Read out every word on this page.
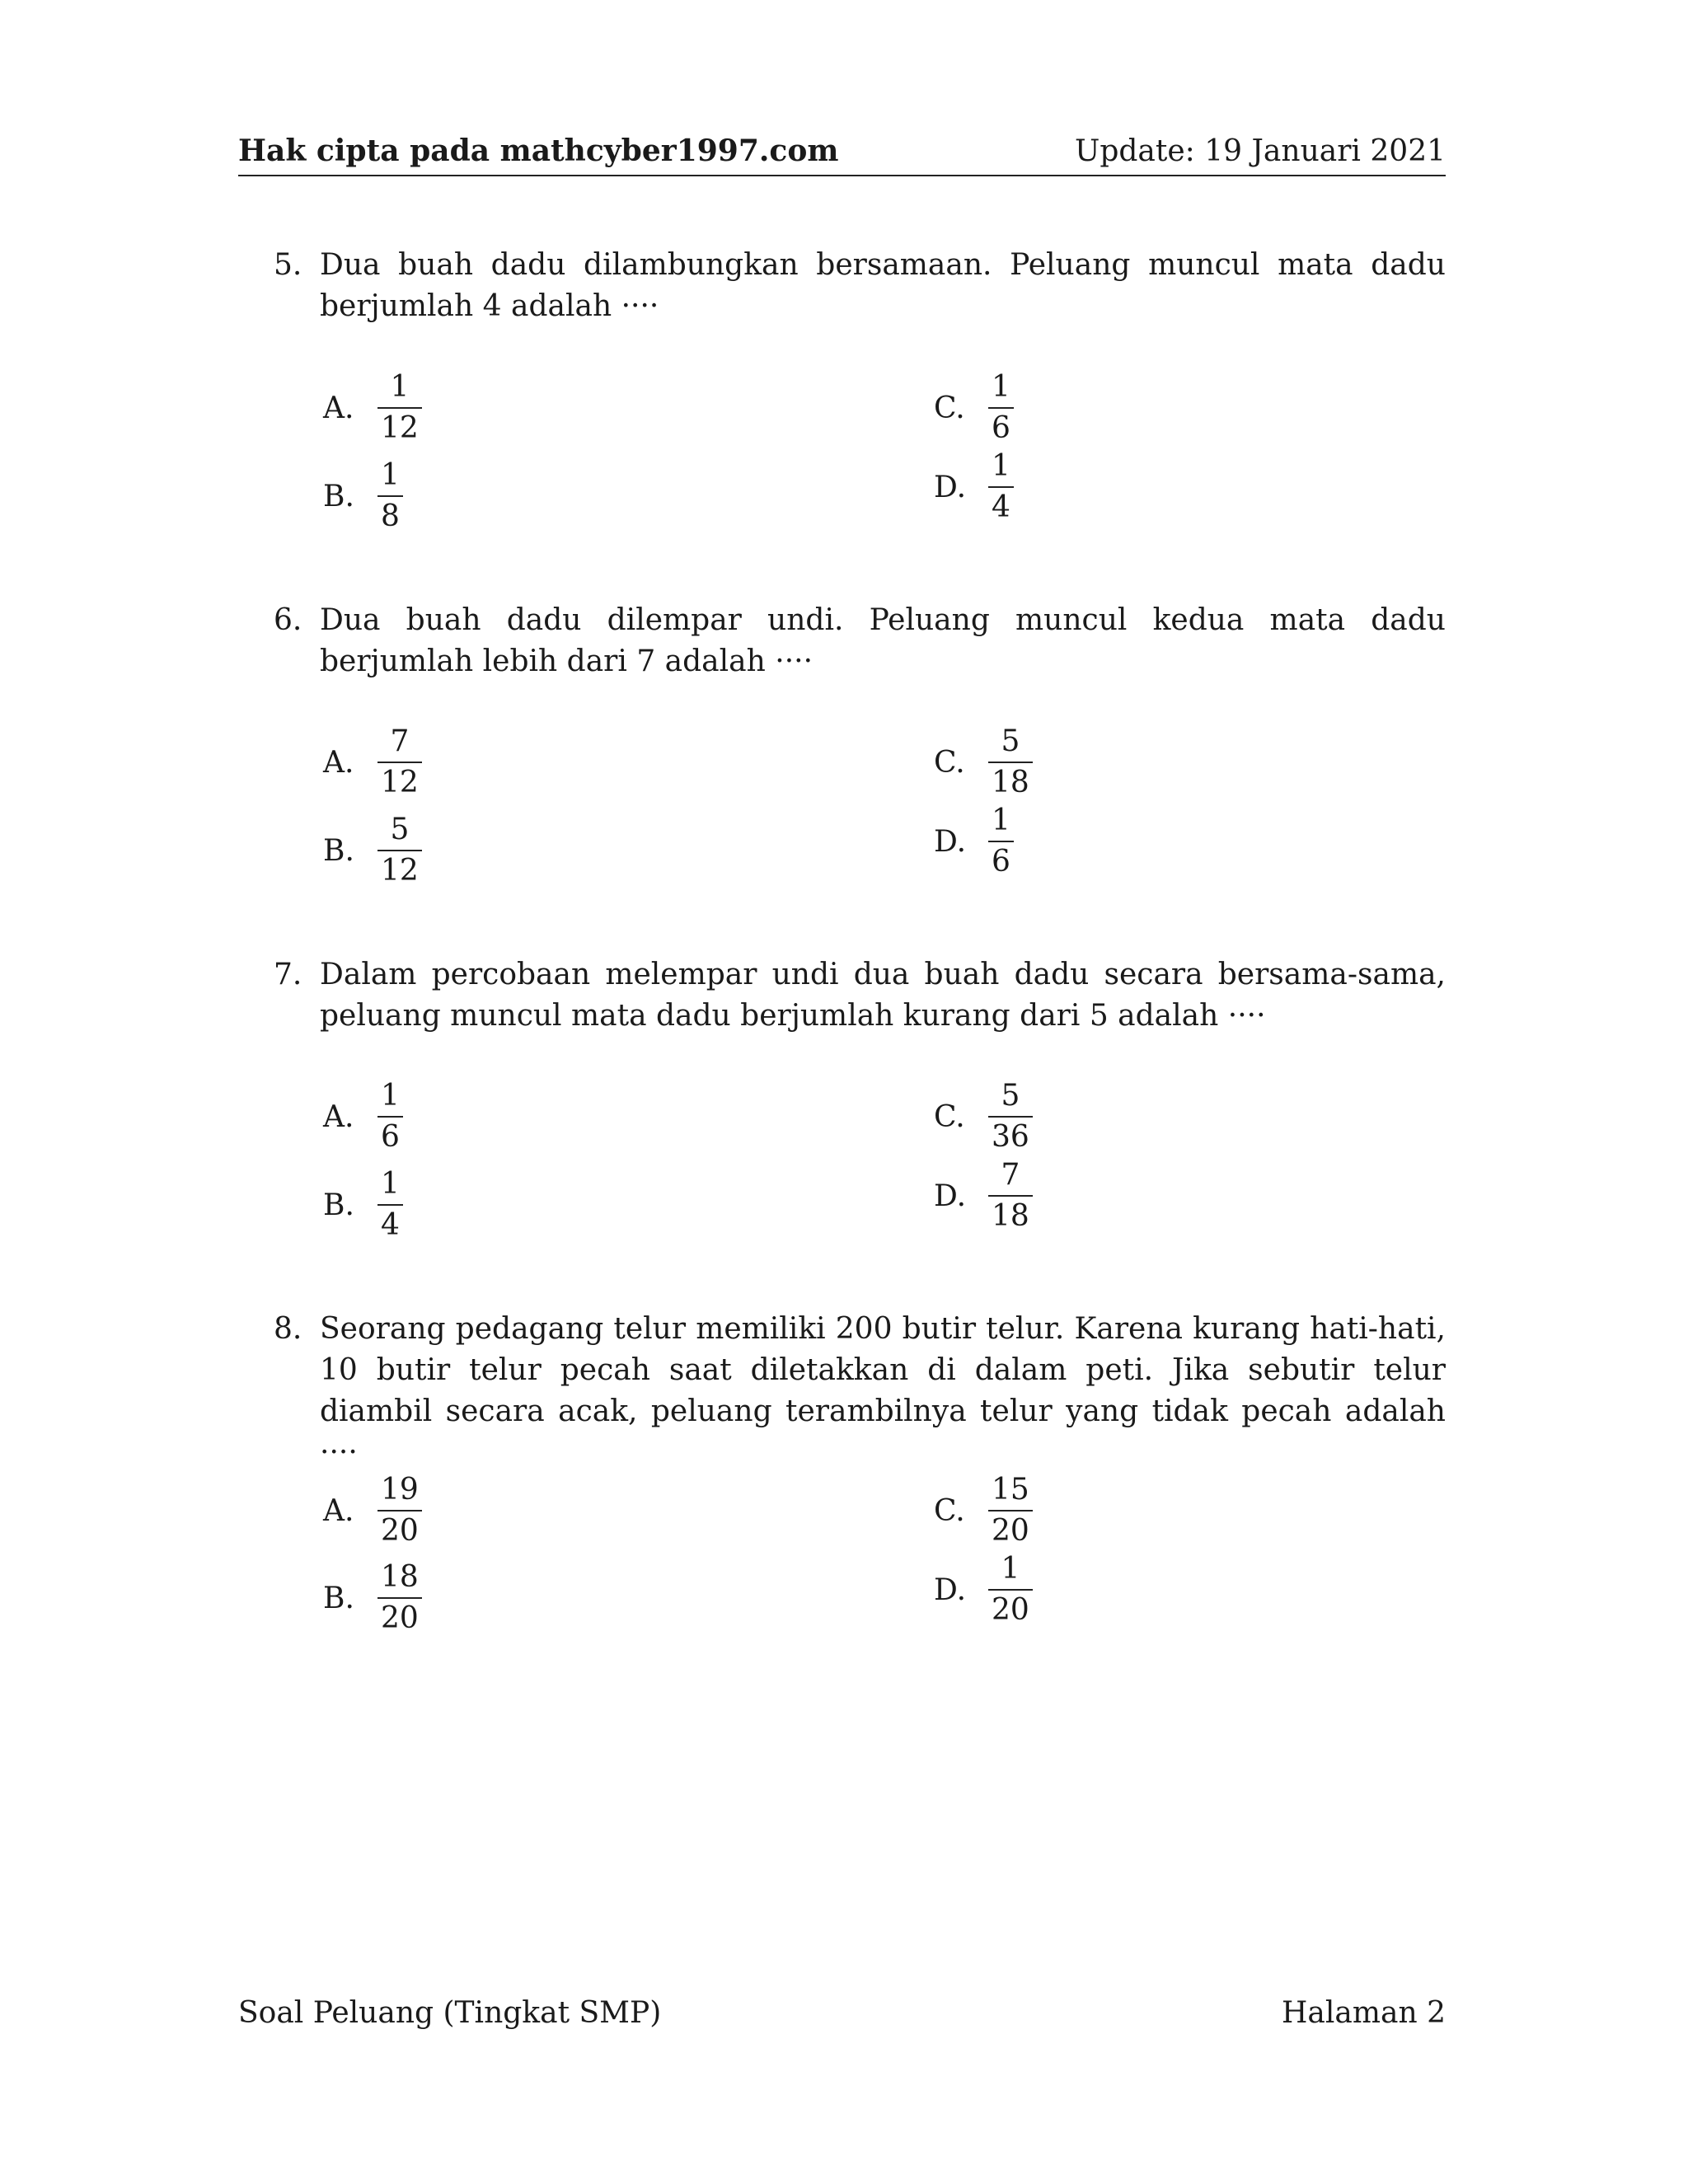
Hak cipta pada mathcyber1997.com	Update: 19 Januari 2021
5. Dua buah dadu dilambungkan bersamaan. Peluang muncul mata dadu berjumlah 4 adalah ····
A. $\frac{1}{12}$
B. $\frac{1}{8}$
C. $\frac{1}{6}$
D. $\frac{1}{4}$
6. Dua buah dadu dilempar undi. Peluang muncul kedua mata dadu berjumlah lebih dari 7 adalah ····
A. $\frac{7}{12}$
B. $\frac{5}{12}$
C. $\frac{5}{18}$
D. $\frac{1}{6}$
7. Dalam percobaan melempar undi dua buah dadu secara bersama-sama, peluang muncul mata dadu berjumlah kurang dari 5 adalah ····
A. $\frac{1}{6}$
B. $\frac{1}{4}$
C. $\frac{5}{36}$
D. $\frac{7}{18}$
8. Seorang pedagang telur memiliki 200 butir telur. Karena kurang hati-hati, 10 butir telur pecah saat diletakkan di dalam peti. Jika sebutir telur diambil secara acak, peluang terambilnya telur yang tidak pecah adalah ····
A. $\frac{19}{20}$
B. $\frac{18}{20}$
C. $\frac{15}{20}$
D. $\frac{1}{20}$
Soal Peluang (Tingkat SMP)	Halaman 2
